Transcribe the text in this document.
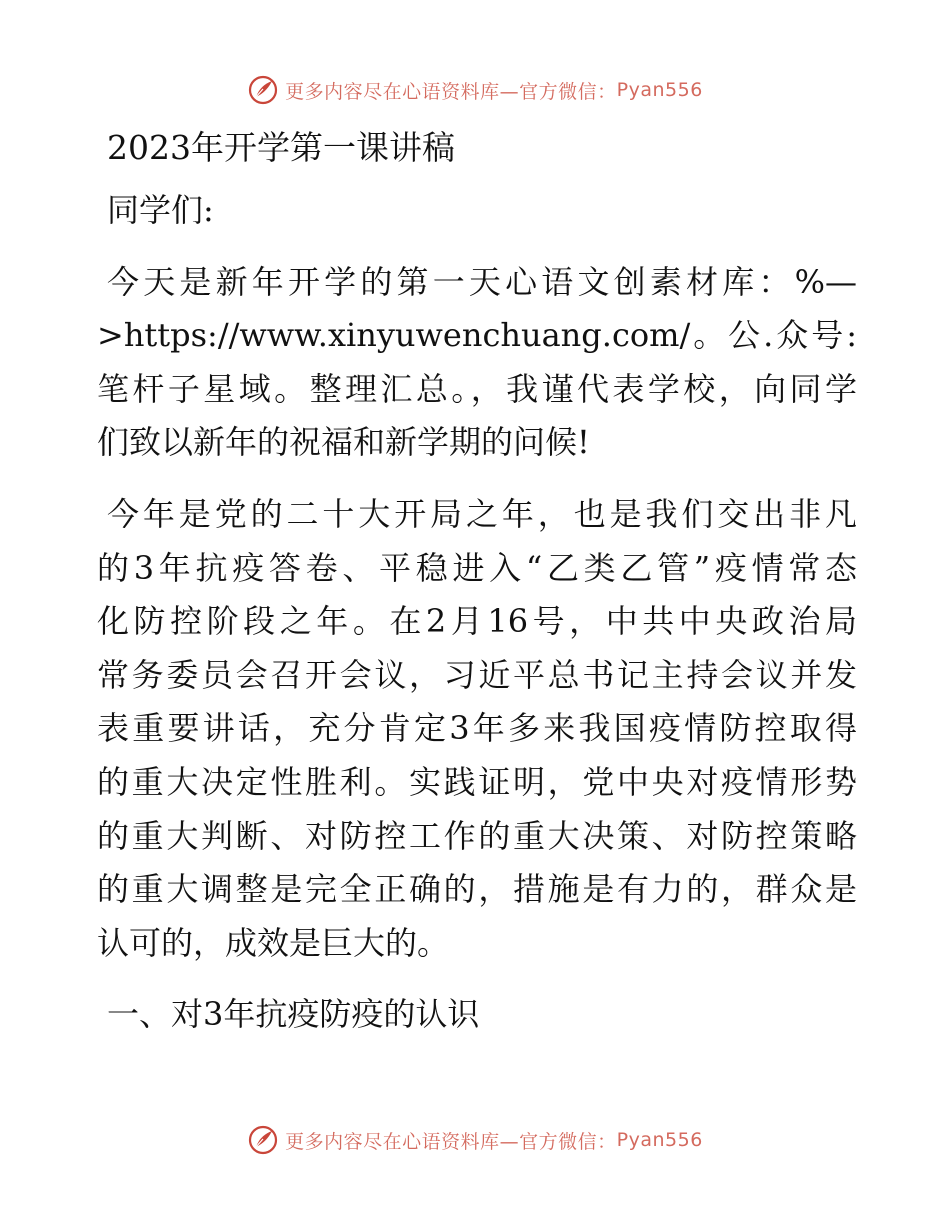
更多内容尽在心语资料库—官方微信： Pyan556
2023年开学第一课讲稿
同学们:
今天是新年开学的第一天心语文创素材库：%—
>https://www.xinyuwenchuang.com/。公.众号:
笔杆子星域。整理汇总。，我谨代表学校，向同学
们致以新年的祝福和新学期的问候!
今年是党的二十大开局之年，也是我们交出非凡
的3年抗疫答卷、平稳进入“乙类乙管”疫情常态
化防控阶段之年。在2月16号，中共中央政治局
常务委员会召开会议，习近平总书记主持会议并发
表重要讲话，充分肯定3年多来我国疫情防控取得
的重大决定性胜利。实践证明，党中央对疫情形势
的重大判断、对防控工作的重大决策、对防控策略
的重大调整是完全正确的，措施是有力的，群众是
认可的，成效是巨大的。
一、对3年抗疫防疫的认识
更多内容尽在心语资料库—官方微信： Pyan556
